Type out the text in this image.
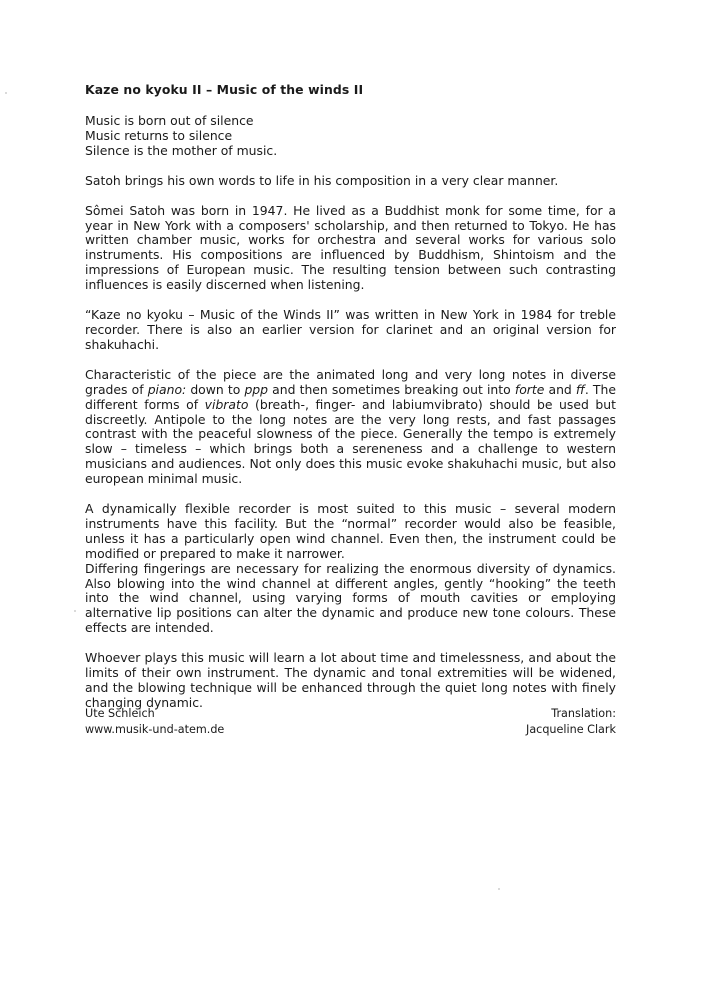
Kaze no kyoku II – Music of the winds II
Music is born out of silence
Music returns to silence
Silence is the mother of music.
Satoh brings his own words to life in his composition in a very clear manner.
Sômei Satoh was born in 1947. He lived as a Buddhist monk for some time, for a year in New York with a composers' scholarship, and then returned to Tokyo. He has written chamber music, works for orchestra and several works for various solo instruments. His compositions are influenced by Buddhism, Shintoism and the impressions of European music. The resulting tension between such contrasting influences is easily discerned when listening.
“Kaze no kyoku – Music of the Winds II” was written in New York in 1984 for treble recorder. There is also an earlier version for clarinet and an original version for shakuhachi.
Characteristic of the piece are the animated long and very long notes in diverse grades of piano: down to ppp and then sometimes breaking out into forte and ff. The different forms of vibrato (breath-, finger- and labiumvibrato) should be used but discreetly. Antipole to the long notes are the very long rests, and fast passages contrast with the peaceful slowness of the piece. Generally the tempo is extremely slow – timeless – which brings both a sereneness and a challenge to western musicians and audiences. Not only does this music evoke shakuhachi music, but also european minimal music.
A dynamically flexible recorder is most suited to this music – several modern instruments have this facility. But the “normal” recorder would also be feasible, unless it has a particularly open wind channel. Even then, the instrument could be modified or prepared to make it narrower.
Differing fingerings are necessary for realizing the enormous diversity of dynamics. Also blowing into the wind channel at different angles, gently “hooking” the teeth into the wind channel, using varying forms of mouth cavities or employing alternative lip positions can alter the dynamic and produce new tone colours. These effects are intended.
Whoever plays this music will learn a lot about time and timelessness, and about the limits of their own instrument. The dynamic and tonal extremities will be widened, and the blowing technique will be enhanced through the quiet long notes with finely changing dynamic.
Ute Schleich
www.musik-und-atem.de
Translation:
Jacqueline Clark
